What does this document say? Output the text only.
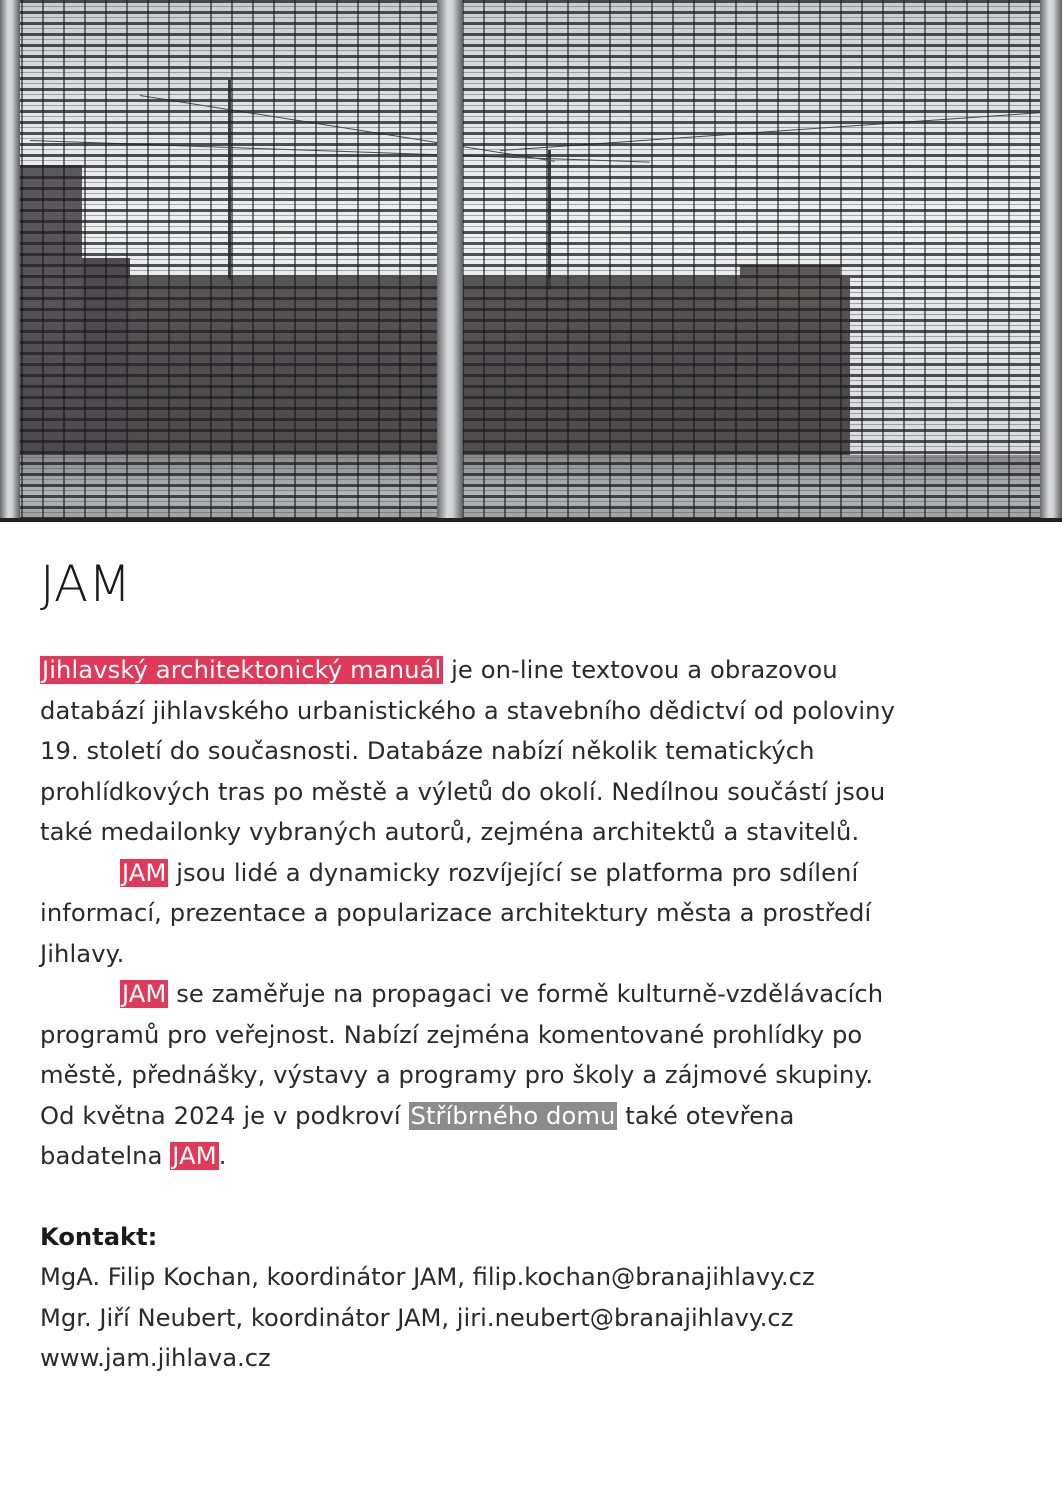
JAM
Jihlavský architektonický manuál je on-line textovou a obrazovou
databází jihlavského urbanistického a stavebního dědictví od poloviny
19. století do současnosti. Databáze nabízí několik tematických
prohlídkových tras po městě a výletů do okolí. Nedílnou součástí jsou
také medailonky vybraných autorů, zejména architektů a stavitelů.
JAM jsou lidé a dynamicky rozvíjející se platforma pro sdílení
informací, prezentace a popularizace architektury města a prostředí
Jihlavy.
JAM se zaměřuje na propagaci ve formě kulturně-vzdělávacích
programů pro veřejnost. Nabízí zejména komentované prohlídky po
městě, přednášky, výstavy a programy pro školy a zájmové skupiny.
Od května 2024 je v podkroví Stříbrného domu také otevřena
badatelna JAM.
Kontakt:
MgA. Filip Kochan, koordinátor JAM, filip.kochan@branajihlavy.cz
Mgr. Jiří Neubert, koordinátor JAM, jiri.neubert@branajihlavy.cz
www.jam.jihlava.cz
